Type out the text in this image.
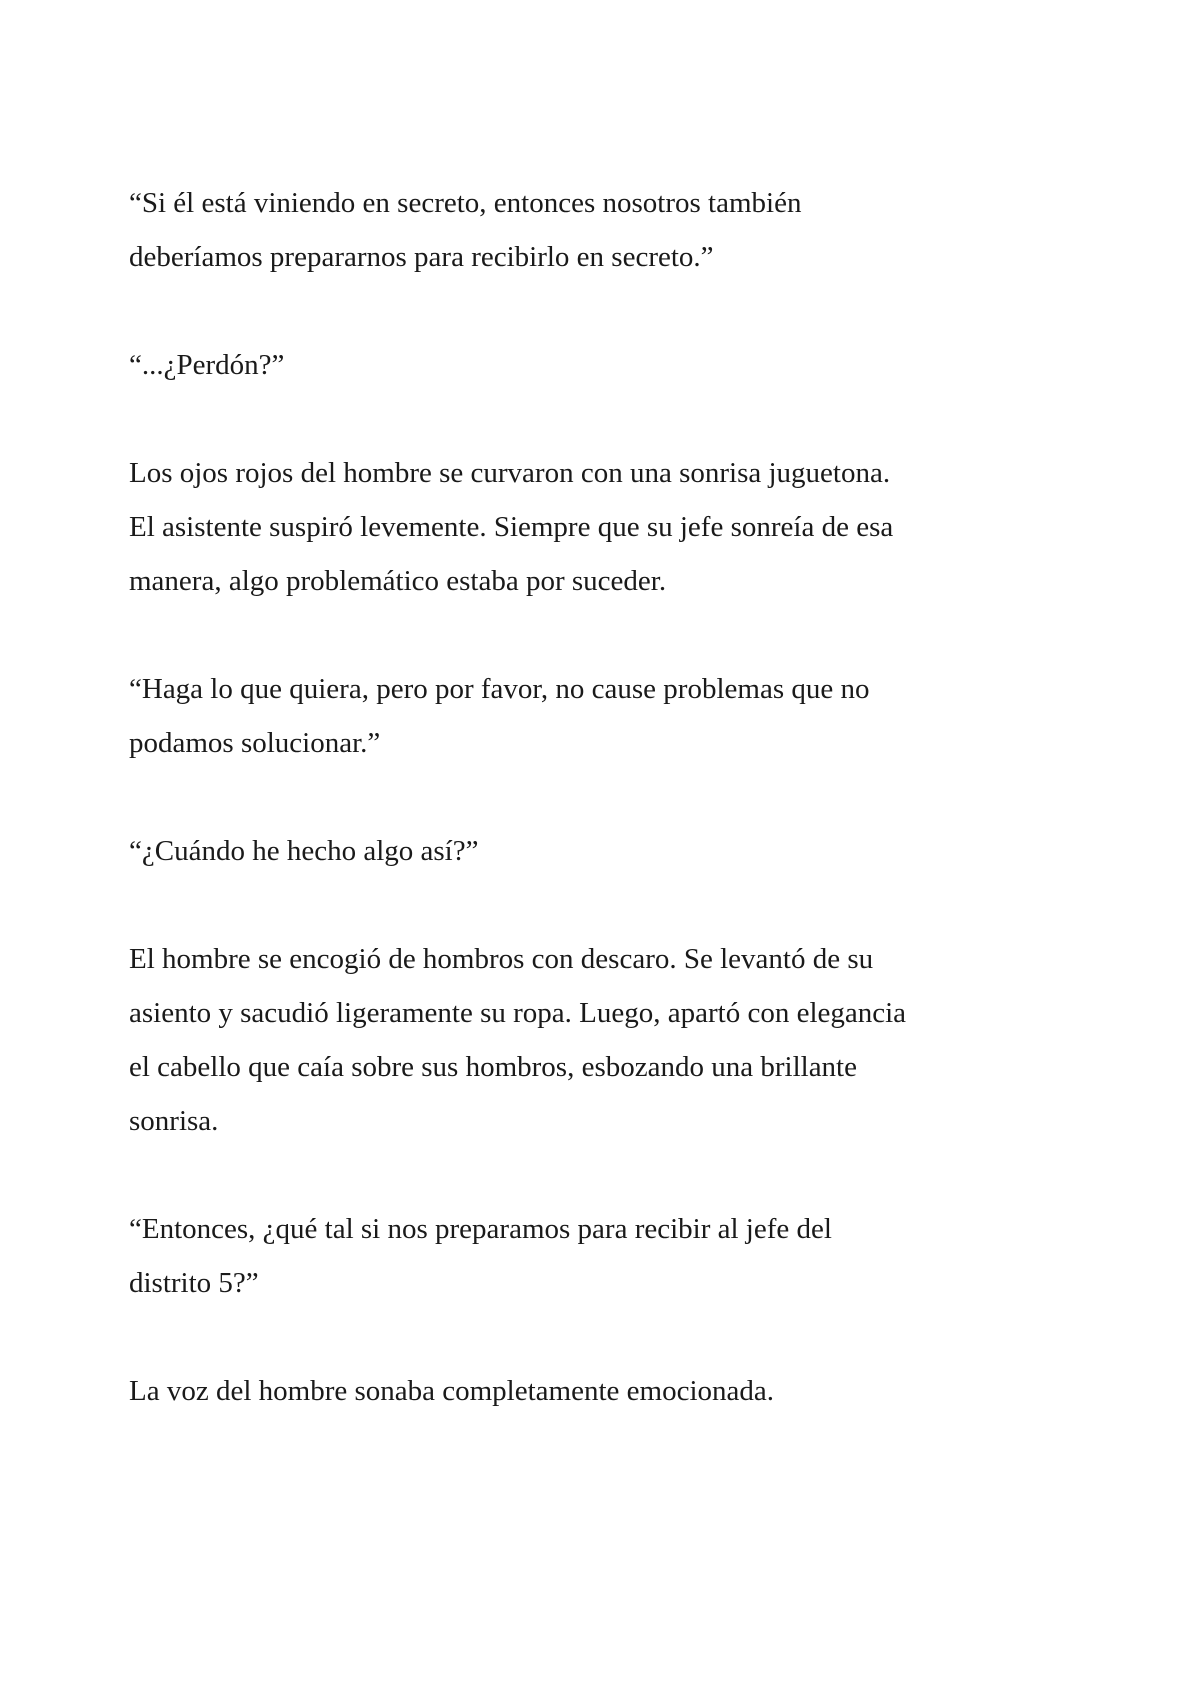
“Si él está viniendo en secreto, entonces nosotros también
deberíamos prepararnos para recibirlo en secreto.”

“...¿Perdón?”

Los ojos rojos del hombre se curvaron con una sonrisa juguetona.
El asistente suspiró levemente. Siempre que su jefe sonreía de esa
manera, algo problemático estaba por suceder.

“Haga lo que quiera, pero por favor, no cause problemas que no
podamos solucionar.”

“¿Cuándo he hecho algo así?”

El hombre se encogió de hombros con descaro. Se levantó de su
asiento y sacudió ligeramente su ropa. Luego, apartó con elegancia
el cabello que caía sobre sus hombros, esbozando una brillante
sonrisa.

“Entonces, ¿qué tal si nos preparamos para recibir al jefe del
distrito 5?”

La voz del hombre sonaba completamente emocionada.
